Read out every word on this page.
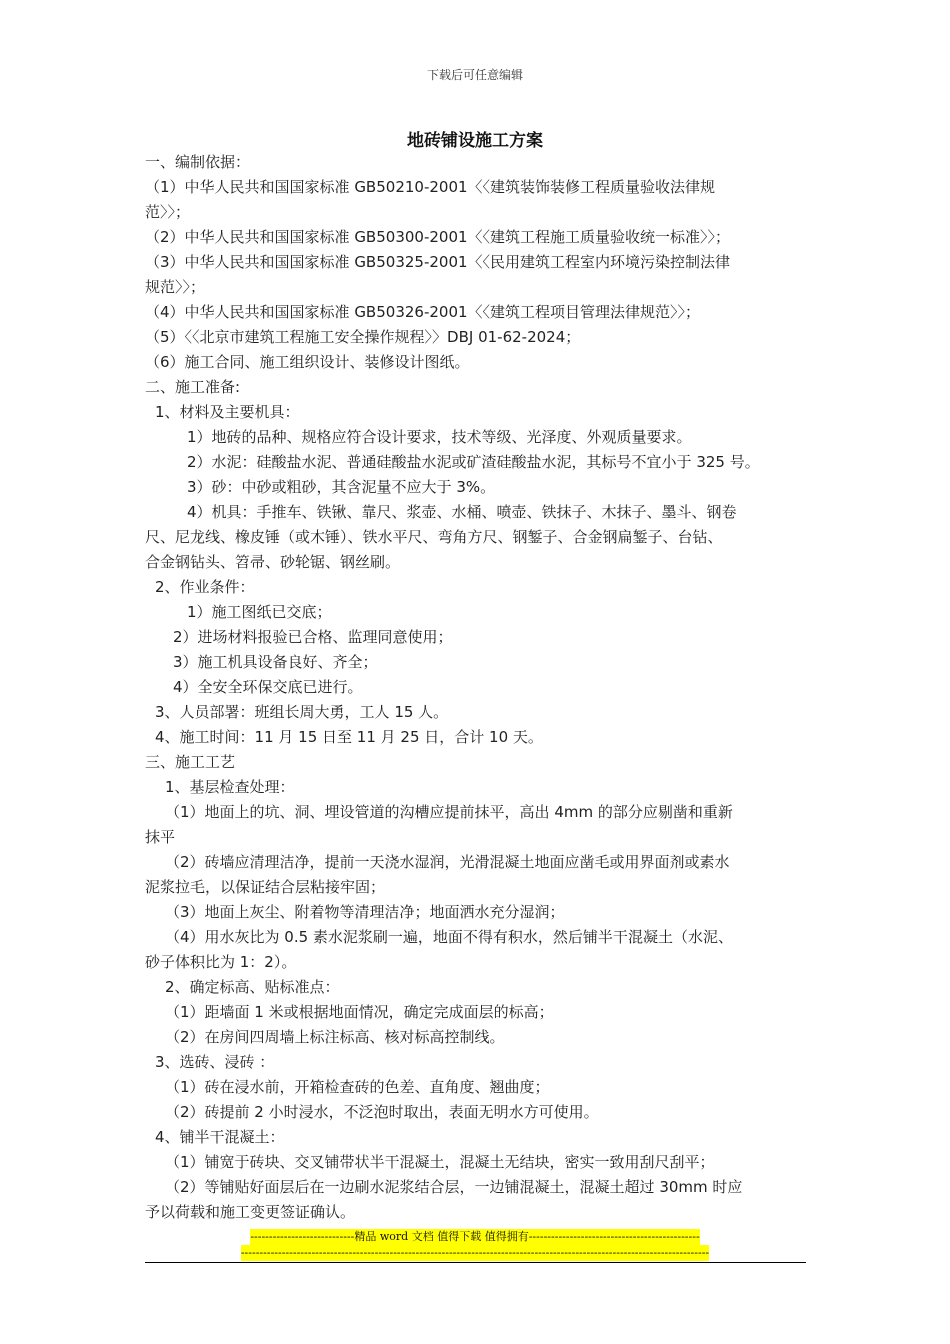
下载后可任意编辑
地砖铺设施工方案
一、编制依据：
（1）中华人民共和国国家标准 GB50210-2001〈〈建筑装饰装修工程质量验收法律规
范〉〉；
（2）中华人民共和国国家标准 GB50300-2001〈〈建筑工程施工质量验收统一标准〉〉；
（3）中华人民共和国国家标准 GB50325-2001〈〈民用建筑工程室内环境污染控制法律
规范〉〉；
（4）中华人民共和国国家标准 GB50326-2001〈〈建筑工程项目管理法律规范〉〉；
（5）〈〈北京市建筑工程施工安全操作规程〉〉DBJ 01-62-2024；
（6）施工合同、施工组织设计、装修设计图纸。
二、施工准备:
1、材料及主要机具：
1）地砖的品种、规格应符合设计要求，技术等级、光泽度、外观质量要求。
2）水泥：硅酸盐水泥、普通硅酸盐水泥或矿渣硅酸盐水泥，其标号不宜小于 325 号。
3）砂：中砂或粗砂，其含泥量不应大于 3%。
4）机具：手推车、铁锹、靠尺、浆壶、水桶、喷壶、铁抹子、木抹子、墨斗、钢卷
尺、尼龙线、橡皮锤（或木锤）、铁水平尺、弯角方尺、钢錾子、合金钢扁錾子、台钻、
合金钢钻头、笤帚、砂轮锯、钢丝刷。
2、作业条件：
1）施工图纸已交底；
2）进场材料报验已合格、监理同意使用；
3）施工机具设备良好、齐全；
4）全安全环保交底已进行。
3、人员部署：班组长周大勇，工人 15 人。
4、施工时间：11 月 15 日至 11 月 25 日，合计 10 天。
三、施工工艺
1、基层检查处理：
（1）地面上的坑、洞、埋设管道的沟槽应提前抹平，高出 4mm 的部分应剔凿和重新
抹平
（2）砖墙应清理洁净，提前一天浇水湿润，光滑混凝土地面应凿毛或用界面剂或素水
泥浆拉毛，以保证结合层粘接牢固；
（3）地面上灰尘、附着物等清理洁净；地面洒水充分湿润；
（4）用水灰比为 0.5 素水泥浆刷一遍，地面不得有积水，然后铺半干混凝土（水泥、
砂子体积比为 1：2）。
2、确定标高、贴标准点：
（1）距墙面 1 米或根据地面情况，确定完成面层的标高；
（2）在房间四周墙上标注标高、核对标高控制线。
3、选砖、浸砖 ：
（1）砖在浸水前，开箱检查砖的色差、直角度、翘曲度；
（2）砖提前 2 小时浸水，不泛泡时取出，表面无明水方可使用。
4、铺半干混凝土：
（1）铺宽于砖块、交叉铺带状半干混凝土，混凝土无结块，密实一致用刮尺刮平；
（2）等铺贴好面层后在一边刷水泥浆结合层，一边铺混凝土，混凝土超过 30mm 时应
予以荷载和施工变更签证确认。
----------------------------精品 word 文档 值得下载 值得拥有----------------------------------------------
------------------------------------------------------------------------------------------------------------------------------
